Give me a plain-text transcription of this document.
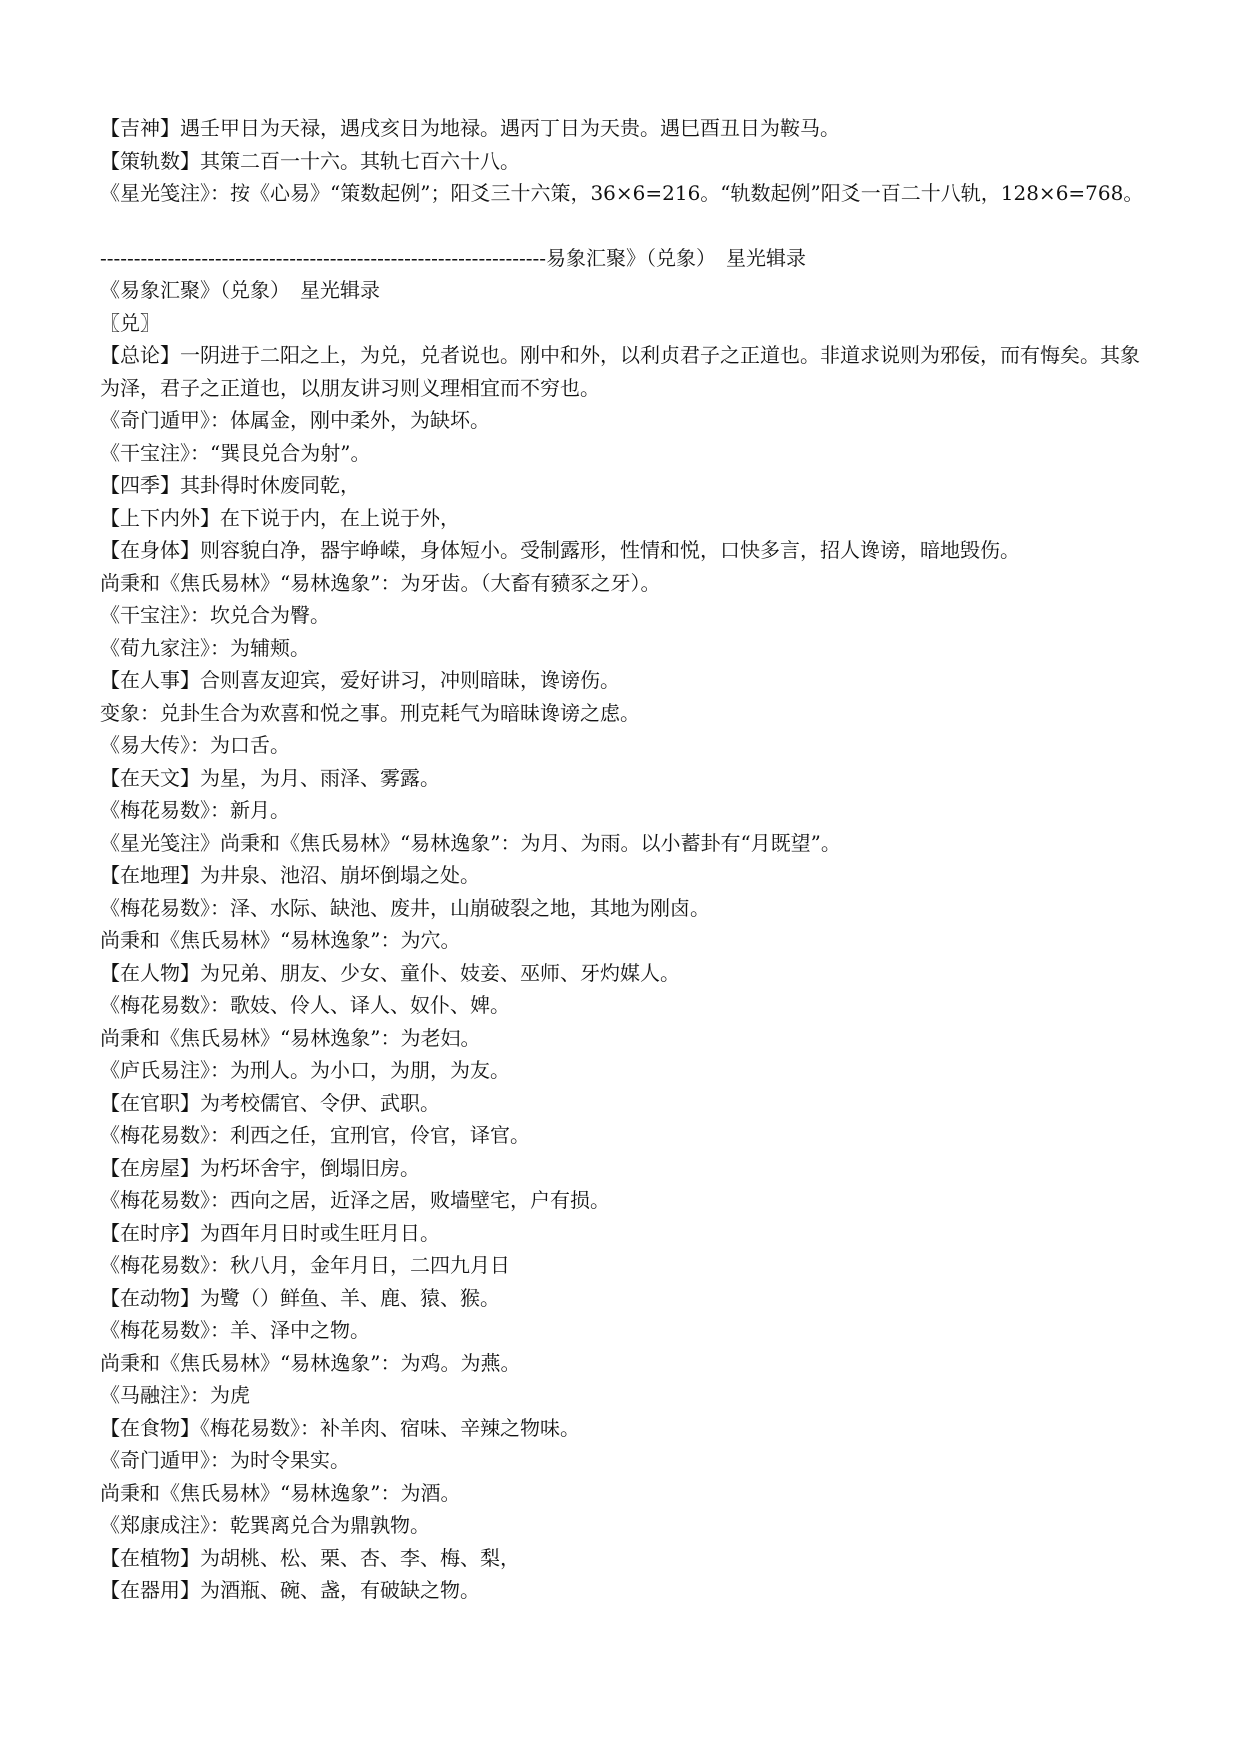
【吉神】遇壬甲日为天禄，遇戌亥日为地禄。遇丙丁日为天贵。遇巳酉丑日为鞍马。

【策轨数】其策二百一十六。其轨七百六十八。

《星光笺注》：按《心易》“策数起例”；阳爻三十六策，36×6=216。“轨数起例”阳爻一百二十八轨，128×6=768。

------------------------------------------------------------------易象汇聚》（兑象）　星光辑录

《易象汇聚》（兑象）　星光辑录

〖兑〗

【总论】一阴进于二阳之上，为兑，兑者说也。刚中和外，以利贞君子之正道也。非道求说则为邪佞，而有悔矣。其象为泽，君子之正道也，以朋友讲习则义理相宜而不穷也。

《奇门遁甲》：体属金，刚中柔外，为缺坏。

《干宝注》：“巽艮兑合为射”。

【四季】其卦得时休废同乾，

【上下内外】在下说于内，在上说于外，

【在身体】则容貌白净，器宇峥嵘，身体短小。受制露形，性情和悦，口快多言，招人谗谤，暗地毁伤。

尚秉和《焦氏易林》“易林逸象”：为牙齿。（大畜有豮豕之牙）。

《干宝注》：坎兑合为臀。

《荀九家注》：为辅颊。

【在人事】合则喜友迎宾，爱好讲习，冲则暗昧，谗谤伤。

变象：兑卦生合为欢喜和悦之事。刑克耗气为暗昧谗谤之虑。

《易大传》：为口舌。

【在天文】为星，为月、雨泽、雾露。

《梅花易数》：新月。

《星光笺注》尚秉和《焦氏易林》“易林逸象”：为月、为雨。以小蓄卦有“月既望”。

【在地理】为井泉、池沼、崩坏倒塌之处。

《梅花易数》：泽、水际、缺池、废井，山崩破裂之地，其地为刚卤。

尚秉和《焦氏易林》“易林逸象”：为穴。

【在人物】为兄弟、朋友、少女、童仆、妓妾、巫师、牙灼媒人。

《梅花易数》：歌妓、伶人、译人、奴仆、婢。

尚秉和《焦氏易林》“易林逸象”：为老妇。

《庐氏易注》：为刑人。为小口，为朋，为友。

【在官职】为考校儒官、令伊、武职。

《梅花易数》：利西之任，宜刑官，伶官，译官。

【在房屋】为朽坏舍宇，倒塌旧房。

《梅花易数》：西向之居，近泽之居，败墙壁宅，户有损。

【在时序】为酉年月日时或生旺月日。

《梅花易数》：秋八月，金年月日，二四九月日

【在动物】为鹭（）鲜鱼、羊、鹿、猿、猴。

《梅花易数》：羊、泽中之物。

尚秉和《焦氏易林》“易林逸象”：为鸡。为燕。

《马融注》：为虎

【在食物】《梅花易数》：补羊肉、宿味、辛辣之物味。

《奇门遁甲》：为时令果实。

尚秉和《焦氏易林》“易林逸象”：为酒。

《郑康成注》：乾巽离兑合为鼎孰物。

【在植物】为胡桃、松、栗、杏、李、梅、梨，

【在器用】为酒瓶、碗、盏，有破缺之物。
